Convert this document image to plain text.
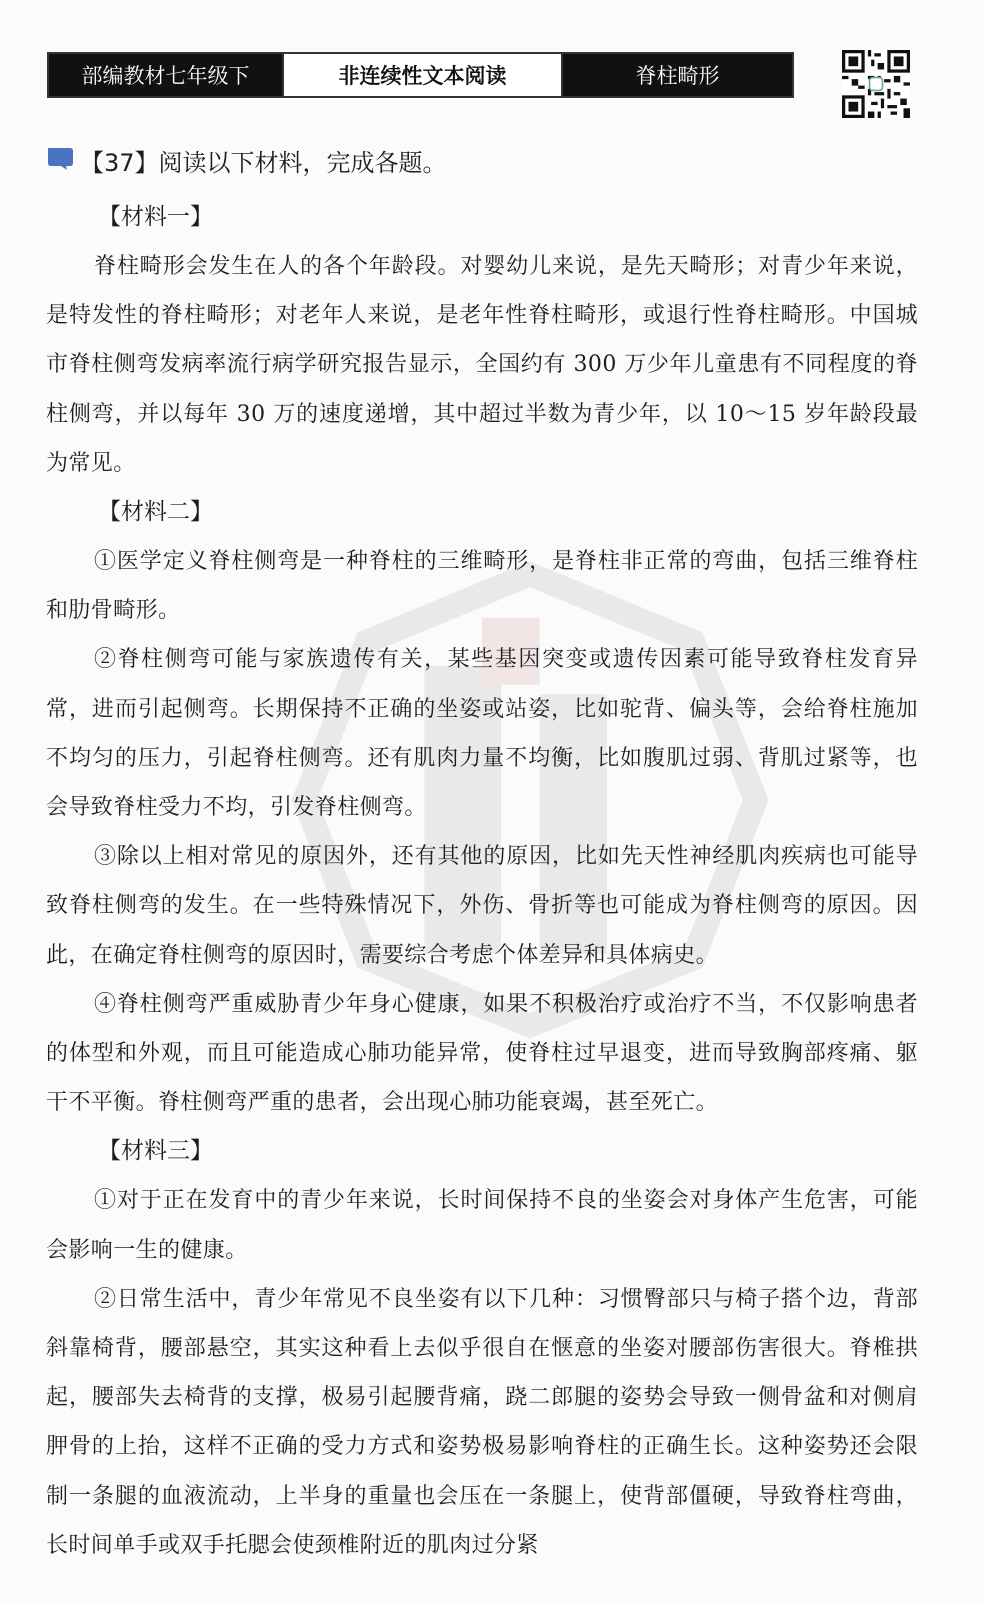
部编教材七年级下	非连续性文本阅读	脊柱畸形
【37】阅读以下材料，完成各题。
【材料一】

脊柱畸形会发生在人的各个年龄段。对婴幼儿来说，是先天畸形；对青少年来说，是特发性的脊柱畸形；对老年人来说，是老年性脊柱畸形，或退行性脊柱畸形。中国城市脊柱侧弯发病率流行病学研究报告显示，全国约有 300 万少年儿童患有不同程度的脊柱侧弯，并以每年 30 万的速度递增，其中超过半数为青少年，以 10～15 岁年龄段最为常见。

【材料二】

①医学定义脊柱侧弯是一种脊柱的三维畸形，是脊柱非正常的弯曲，包括三维脊柱和肋骨畸形。

②脊柱侧弯可能与家族遗传有关，某些基因突变或遗传因素可能导致脊柱发育异常，进而引起侧弯。长期保持不正确的坐姿或站姿，比如驼背、偏头等，会给脊柱施加不均匀的压力，引起脊柱侧弯。还有肌肉力量不均衡，比如腹肌过弱、背肌过紧等，也会导致脊柱受力不均，引发脊柱侧弯。

③除以上相对常见的原因外，还有其他的原因，比如先天性神经肌肉疾病也可能导致脊柱侧弯的发生。在一些特殊情况下，外伤、骨折等也可能成为脊柱侧弯的原因。因此，在确定脊柱侧弯的原因时，需要综合考虑个体差异和具体病史。

④脊柱侧弯严重威胁青少年身心健康，如果不积极治疗或治疗不当，不仅影响患者的体型和外观，而且可能造成心肺功能异常，使脊柱过早退变，进而导致胸部疼痛、躯干不平衡。脊柱侧弯严重的患者，会出现心肺功能衰竭，甚至死亡。

【材料三】

①对于正在发育中的青少年来说，长时间保持不良的坐姿会对身体产生危害，可能会影响一生的健康。

②日常生活中，青少年常见不良坐姿有以下几种：习惯臀部只与椅子搭个边，背部斜靠椅背，腰部悬空，其实这种看上去似乎很自在惬意的坐姿对腰部伤害很大。脊椎拱起，腰部失去椅背的支撑，极易引起腰背痛，跷二郎腿的姿势会导致一侧骨盆和对侧肩胛骨的上抬，这样不正确的受力方式和姿势极易影响脊柱的正确生长。这种姿势还会限制一条腿的血液流动，上半身的重量也会压在一条腿上，使背部僵硬，导致脊柱弯曲，长时间单手或双手托腮会使颈椎附近的肌肉过分紧
